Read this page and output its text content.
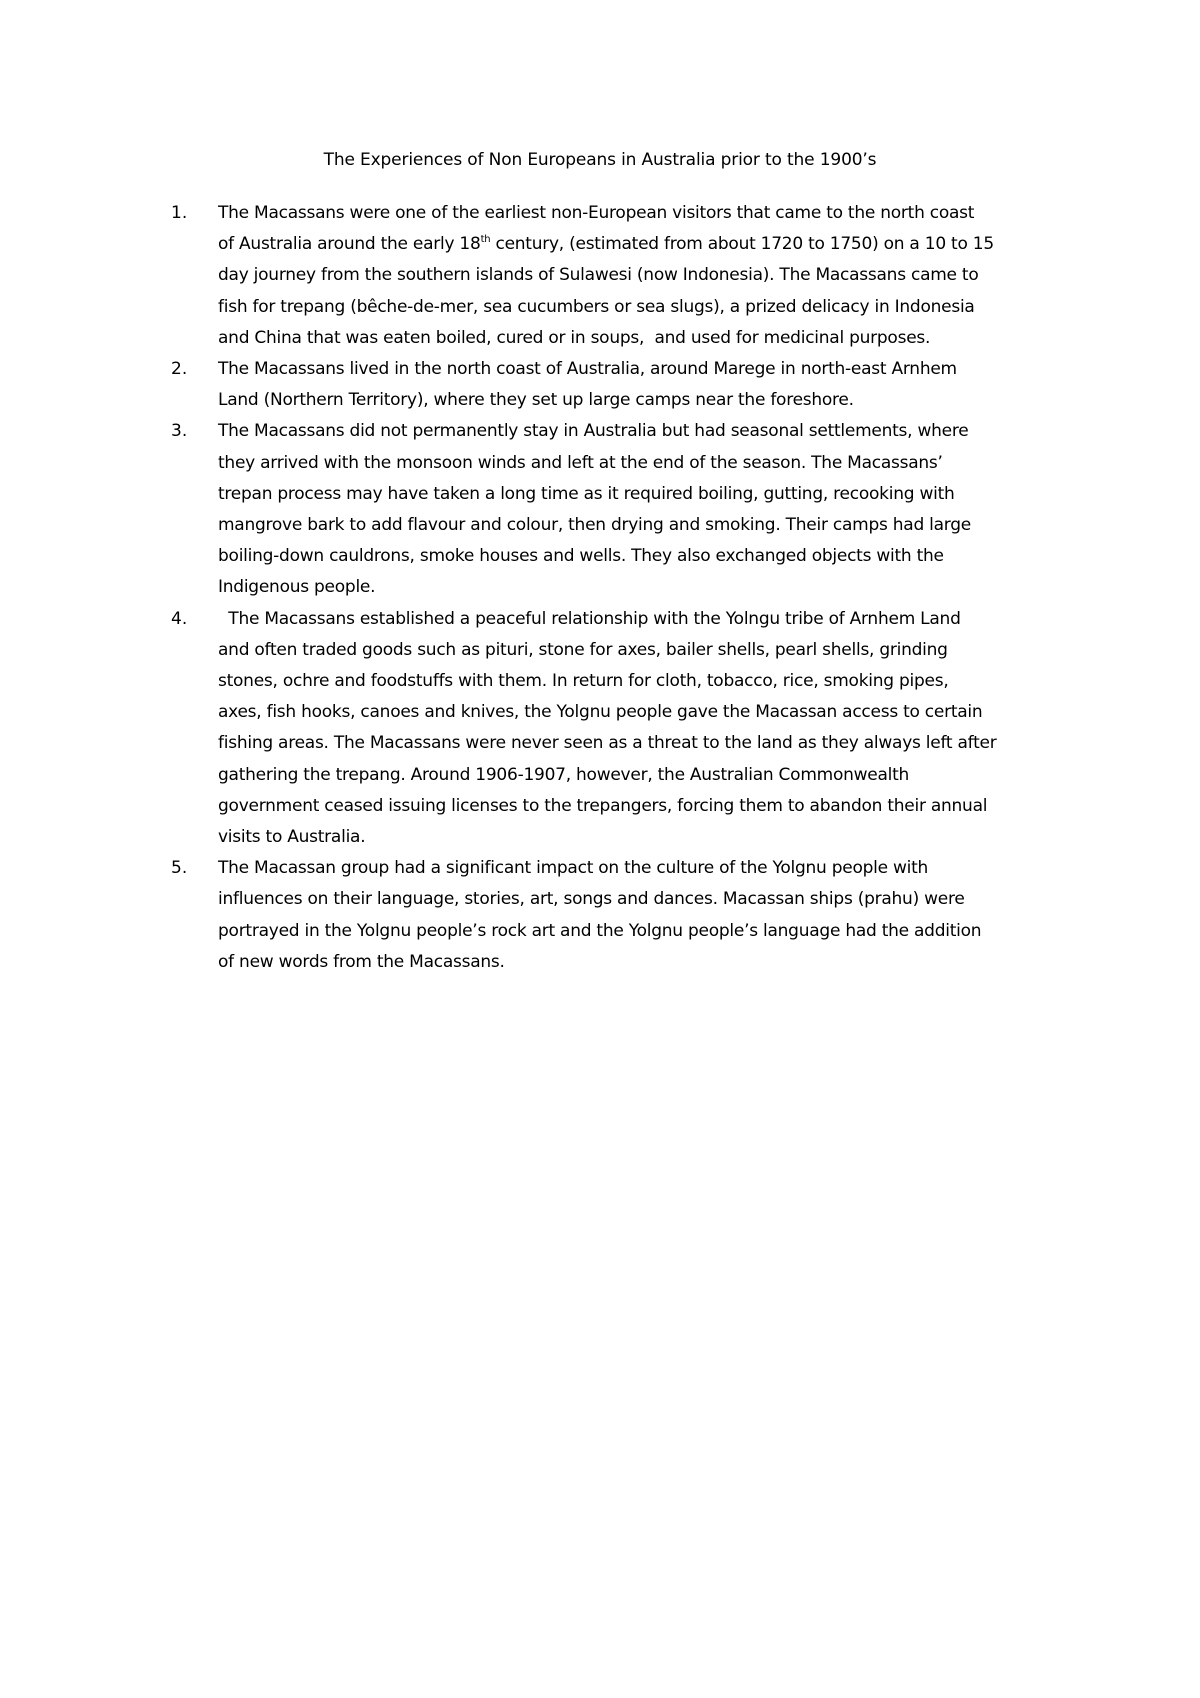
The Experiences of Non Europeans in Australia prior to the 1900’s
1. The Macassans were one of the earliest non-European visitors that came to the north coast
of Australia around the early 18th century, (estimated from about 1720 to 1750) on a 10 to 15
day journey from the southern islands of Sulawesi (now Indonesia). The Macassans came to
fish for trepang (bêche-de-mer, sea cucumbers or sea slugs), a prized delicacy in Indonesia
and China that was eaten boiled, cured or in soups,  and used for medicinal purposes.
2. The Macassans lived in the north coast of Australia, around Marege in north-east Arnhem
Land (Northern Territory), where they set up large camps near the foreshore.
3. The Macassans did not permanently stay in Australia but had seasonal settlements, where
they arrived with the monsoon winds and left at the end of the season. The Macassans’
trepan process may have taken a long time as it required boiling, gutting, recooking with
mangrove bark to add flavour and colour, then drying and smoking. Their camps had large
boiling-down cauldrons, smoke houses and wells. They also exchanged objects with the
Indigenous people.
4. The Macassans established a peaceful relationship with the Yolngu tribe of Arnhem Land
and often traded goods such as pituri, stone for axes, bailer shells, pearl shells, grinding
stones, ochre and foodstuffs with them. In return for cloth, tobacco, rice, smoking pipes,
axes, fish hooks, canoes and knives, the Yolgnu people gave the Macassan access to certain
fishing areas. The Macassans were never seen as a threat to the land as they always left after
gathering the trepang. Around 1906-1907, however, the Australian Commonwealth
government ceased issuing licenses to the trepangers, forcing them to abandon their annual
visits to Australia.
5. The Macassan group had a significant impact on the culture of the Yolgnu people with
influences on their language, stories, art, songs and dances. Macassan ships (prahu) were
portrayed in the Yolgnu people’s rock art and the Yolgnu people’s language had the addition
of new words from the Macassans.
